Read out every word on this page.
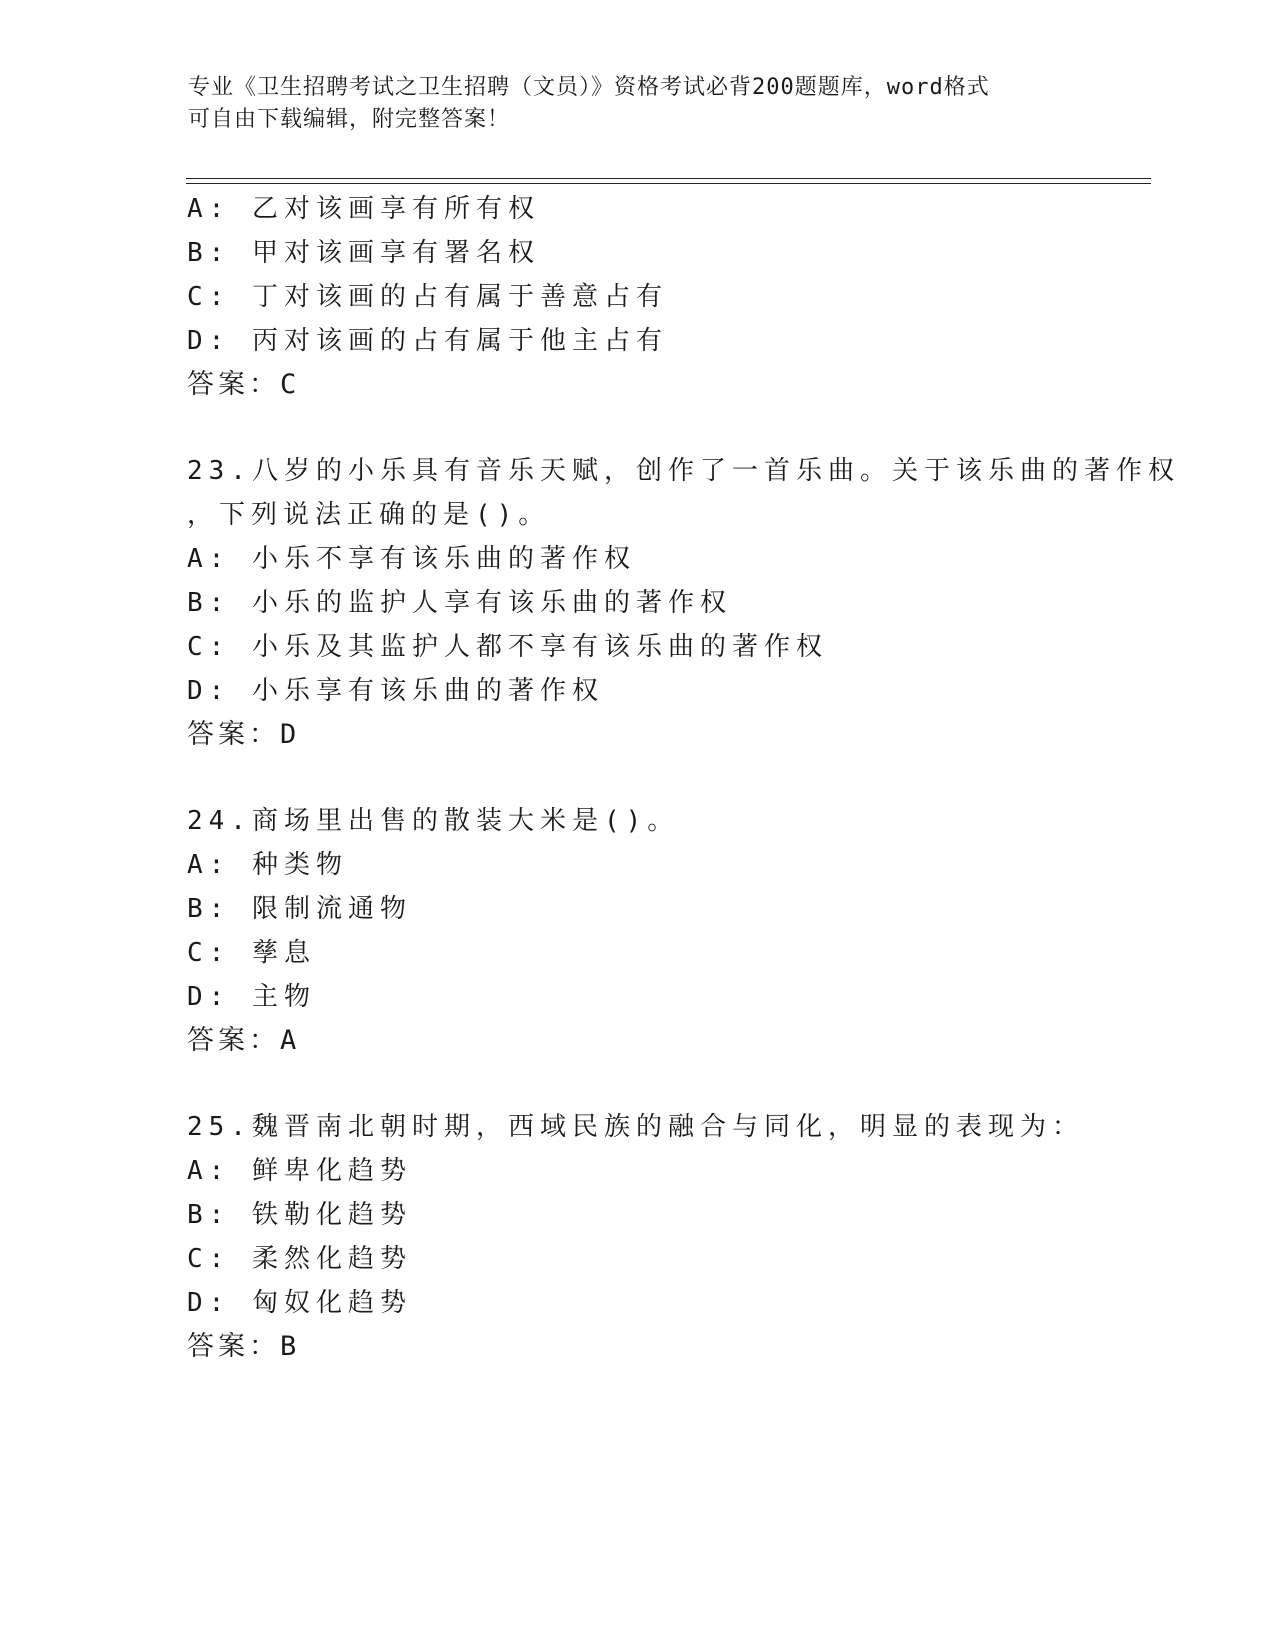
专业《卫生招聘考试之卫生招聘（文员）》资格考试必背200题题库，word格式
可自由下载编辑，附完整答案！
A: 乙对该画享有所有权
B: 甲对该画享有署名权
C: 丁对该画的占有属于善意占有
D: 丙对该画的占有属于他主占有
答案：C
23.八岁的小乐具有音乐天赋，创作了一首乐曲。关于该乐曲的著作权
，下列说法正确的是()。
A: 小乐不享有该乐曲的著作权
B: 小乐的监护人享有该乐曲的著作权
C: 小乐及其监护人都不享有该乐曲的著作权
D: 小乐享有该乐曲的著作权
答案：D
24.商场里出售的散装大米是()。
A: 种类物
B: 限制流通物
C: 孳息
D: 主物
答案：A
25.魏晋南北朝时期，西域民族的融合与同化，明显的表现为：
A: 鲜卑化趋势
B: 铁勒化趋势
C: 柔然化趋势
D: 匈奴化趋势
答案：B
